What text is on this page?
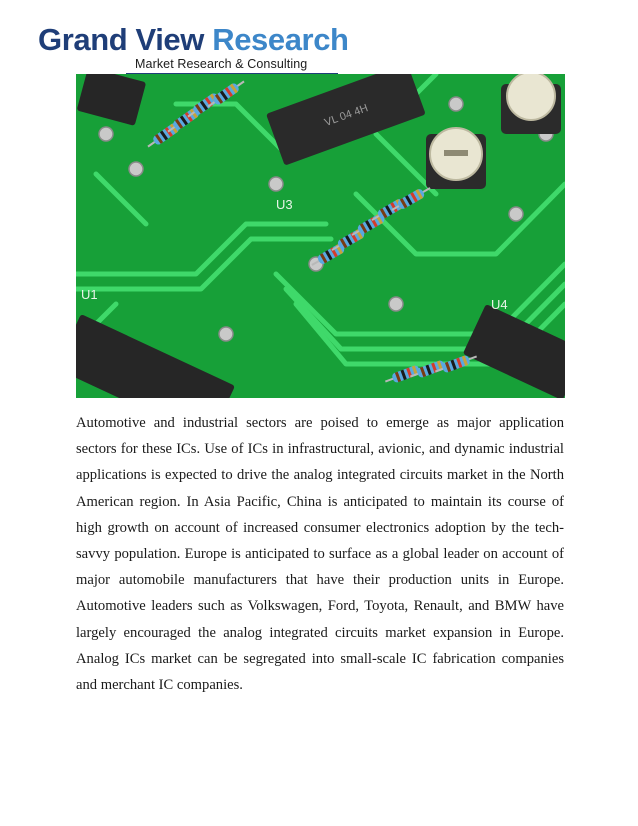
Grand View Research
Market Research & Consulting
VL 04 4H
U3
U4
U1

Automotive and industrial sectors are poised to emerge as major application sectors for these ICs. Use of ICs in infrastructural, avionic, and dynamic industrial applications is expected to drive the analog integrated circuits market in the North American region. In Asia Pacific, China is anticipated to maintain its course of high growth on account of increased consumer electronics adoption by the tech-savvy population. Europe is anticipated to surface as a global leader on account of major automobile manufacturers that have their production units in Europe. Automotive leaders such as Volkswagen, Ford, Toyota, Renault, and BMW have largely encouraged the analog integrated circuits market expansion in Europe. Analog ICs market can be segregated into small-scale IC fabrication companies and merchant IC companies.
